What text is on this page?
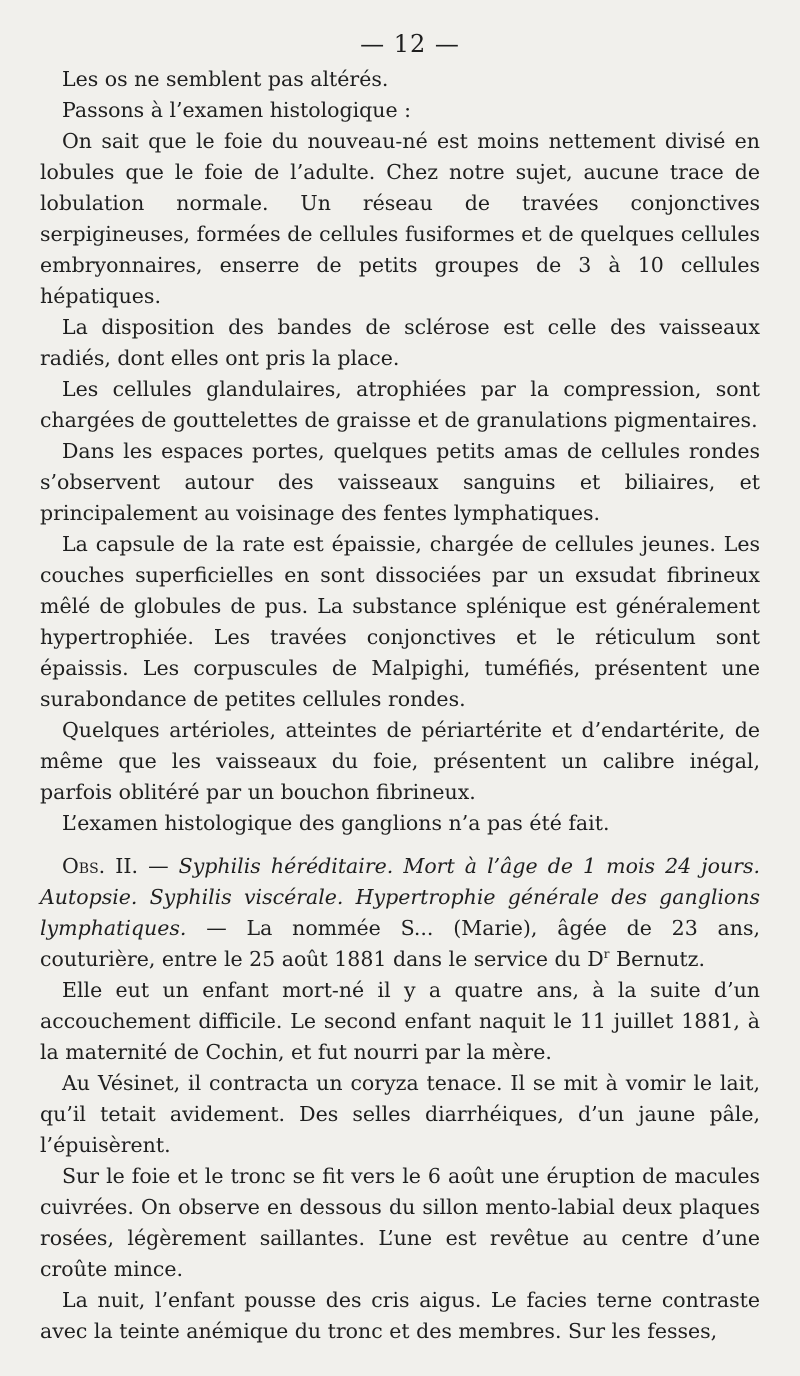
— 12 —

Les os ne semblent pas altérés.

Passons à l’examen histologique :

On sait que le foie du nouveau-né est moins nettement divisé en lobules que le foie de l’adulte. Chez notre sujet, aucune trace de lobulation normale. Un réseau de travées conjonctives serpigineuses, formées de cellules fusiformes et de quelques cellules embryonnaires, enserre de petits groupes de 3 à 10 cellules hépatiques.

La disposition des bandes de sclérose est celle des vaisseaux radiés, dont elles ont pris la place.

Les cellules glandulaires, atrophiées par la compression, sont chargées de gouttelettes de graisse et de granulations pigmentaires.

Dans les espaces portes, quelques petits amas de cellules rondes s’observent autour des vaisseaux sanguins et biliaires, et principalement au voisinage des fentes lymphatiques.

La capsule de la rate est épaissie, chargée de cellules jeunes. Les couches superficielles en sont dissociées par un exsudat fibrineux mêlé de globules de pus. La substance splénique est généralement hypertrophiée. Les travées conjonctives et le réticulum sont épaissis. Les corpuscules de Malpighi, tuméfiés, présentent une surabondance de petites cellules rondes.

Quelques artérioles, atteintes de périartérite et d’endartérite, de même que les vaisseaux du foie, présentent un calibre inégal, parfois oblitéré par un bouchon fibrineux.

L’examen histologique des ganglions n’a pas été fait.

Obs. II. — Syphilis héréditaire. Mort à l’âge de 1 mois 24 jours. Autopsie. Syphilis viscérale. Hypertrophie générale des ganglions lymphatiques. — La nommée S... (Marie), âgée de 23 ans, couturière, entre le 25 août 1881 dans le service du $D^r$ Bernutz.

Elle eut un enfant mort-né il y a quatre ans, à la suite d’un accouchement difficile. Le second enfant naquit le 11 juillet 1881, à la maternité de Cochin, et fut nourri par la mère.

Au Vésinet, il contracta un coryza tenace. Il se mit à vomir le lait, qu’il tetait avidement. Des selles diarrhéiques, d’un jaune pâle, l’épuisèrent.

Sur le foie et le tronc se fit vers le 6 août une éruption de macules cuivrées. On observe en dessous du sillon mento-labial deux plaques rosées, légèrement saillantes. L’une est revêtue au centre d’une croûte mince.

La nuit, l’enfant pousse des cris aigus. Le facies terne contraste avec la teinte anémique du tronc et des membres. Sur les fesses,
